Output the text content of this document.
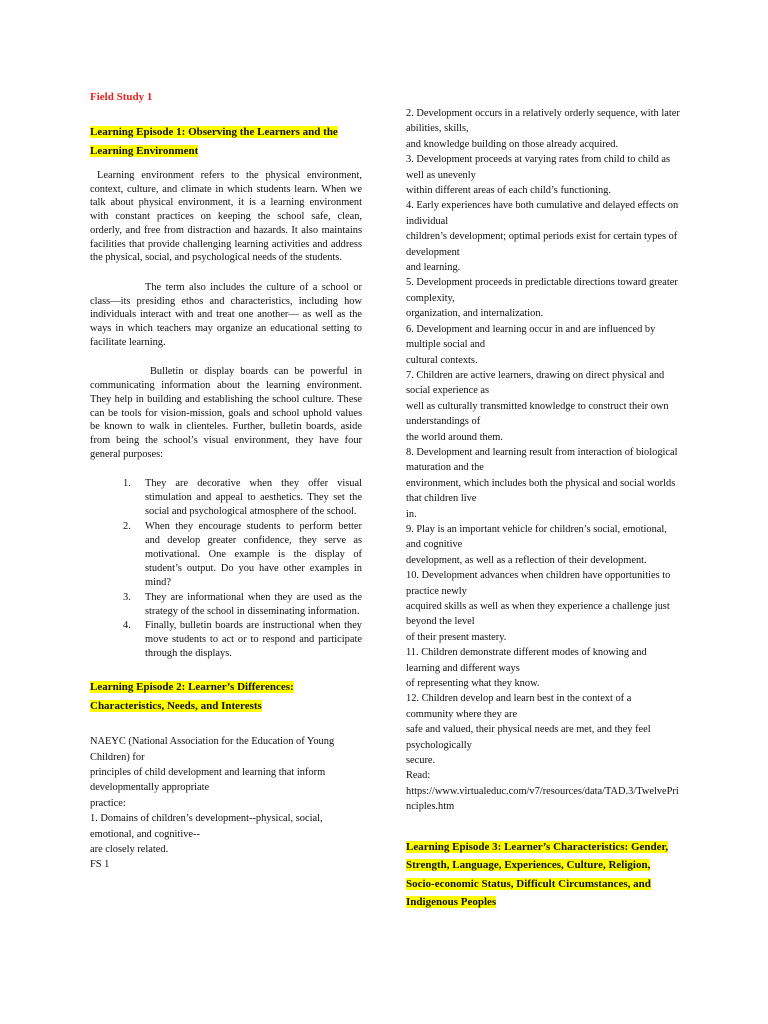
Field Study 1

Learning Episode 1: Observing the Learners and the Learning Environment

Learning environment refers to the physical environment, context, culture, and climate in which students learn. When we talk about physical environment, it is a learning environment with constant practices on keeping the school safe, clean, orderly, and free from distraction and hazards. It also maintains facilities that provide challenging learning activities and address the physical, social, and psychological needs of the students.

The term also includes the culture of a school or class—its presiding ethos and characteristics, including how individuals interact with and treat one another— as well as the ways in which teachers may organize an educational setting to facilitate learning.

Bulletin or display boards can be powerful in communicating information about the learning environment. They help in building and establishing the school culture. These can be tools for vision-mission, goals and school uphold values be known to walk in clienteles. Further, bulletin boards, aside from being the school’s visual environment, they have four general purposes:

1. They are decorative when they offer visual stimulation and appeal to aesthetics. They set the social and psychological atmosphere of the school.
2. When they encourage students to perform better and develop greater confidence, they serve as motivational. One example is the display of student’s output. Do you have other examples in mind?
3. They are informational when they are used as the strategy of the school in disseminating information.
4. Finally, bulletin boards are instructional when they move students to act or to respond and participate through the displays.

Learning Episode 2: Learner’s Differences: Characteristics, Needs, and Interests

NAEYC (National Association for the Education of Young Children) for

principles of child development and learning that inform developmentally appropriate

practice:

1. Domains of children’s development--physical, social, emotional, and cognitive--

are closely related.

FS 1

2. Development occurs in a relatively orderly sequence, with later abilities, skills,

and knowledge building on those already acquired.

3. Development proceeds at varying rates from child to child as well as unevenly

within different areas of each child’s functioning.

4. Early experiences have both cumulative and delayed effects on individual

children’s development; optimal periods exist for certain types of development

and learning.

5. Development proceeds in predictable directions toward greater complexity,

organization, and internalization.

6. Development and learning occur in and are influenced by multiple social and

cultural contexts.

7. Children are active learners, drawing on direct physical and social experience as

well as culturally transmitted knowledge to construct their own understandings of

the world around them.

8. Development and learning result from interaction of biological maturation and the

environment, which includes both the physical and social worlds that children live

in.

9. Play is an important vehicle for children’s social, emotional, and cognitive

development, as well as a reflection of their development.

10. Development advances when children have opportunities to practice newly

acquired skills as well as when they experience a challenge just beyond the level

of their present mastery.

11. Children demonstrate different modes of knowing and learning and different ways

of representing what they know.

12. Children develop and learn best in the context of a community where they are

safe and valued, their physical needs are met, and they feel psychologically

secure.

Read:

https://www.virtualeduc.com/v7/resources/data/TAD.3/TwelvePrinciples.htm

Learning Episode 3: Learner’s Characteristics: Gender, Strength, Language, Experiences, Culture, Religion, Socio-economic Status, Difficult Circumstances, and Indigenous Peoples
